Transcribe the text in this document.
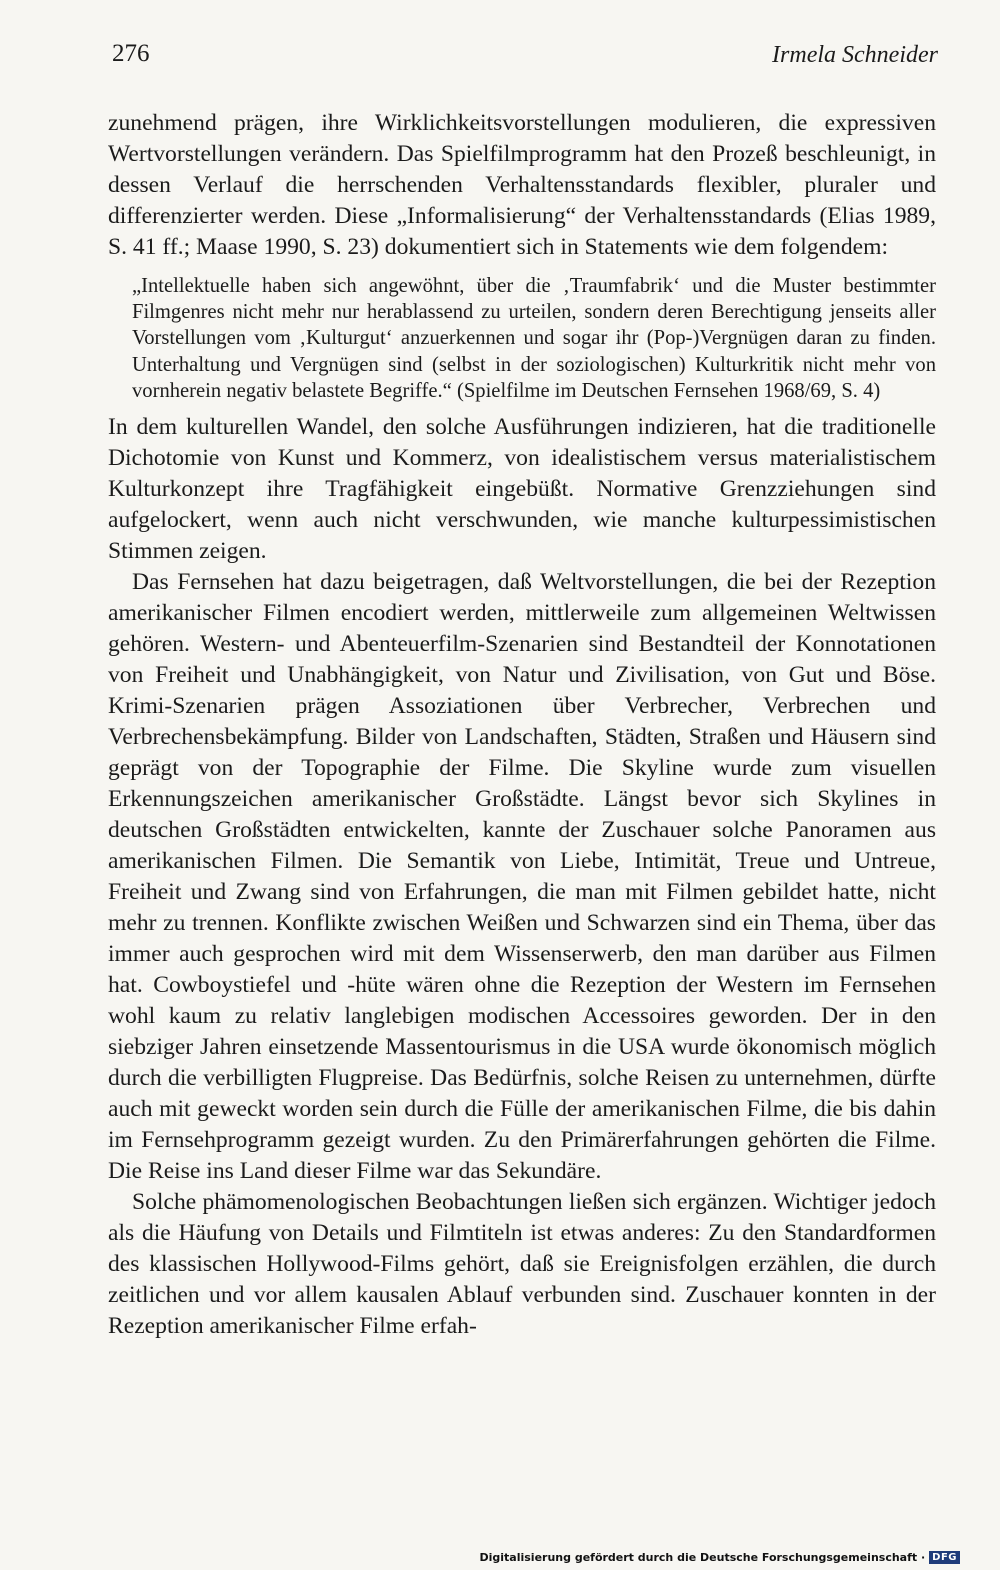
276	Irmela Schneider

zunehmend prägen, ihre Wirklichkeitsvorstellungen modulieren, die expressiven Wertvorstellungen verändern. Das Spielfilmprogramm hat den Prozeß beschleunigt, in dessen Verlauf die herrschenden Verhaltensstandards flexibler, pluraler und differenzierter werden. Diese „Informalisierung“ der Verhaltensstandards (Elias 1989, S. 41 ff.; Maase 1990, S. 23) dokumentiert sich in Statements wie dem folgendem:

„Intellektuelle haben sich angewöhnt, über die ‚Traumfabrik‘ und die Muster bestimmter Filmgenres nicht mehr nur herablassend zu urteilen, sondern deren Berechtigung jenseits aller Vorstellungen vom ‚Kulturgut‘ anzuerkennen und sogar ihr (Pop-)Vergnügen daran zu finden. Unterhaltung und Vergnügen sind (selbst in der soziologischen) Kulturkritik nicht mehr von vornherein negativ belastete Begriffe.“ (Spielfilme im Deutschen Fernsehen 1968/69, S. 4)

In dem kulturellen Wandel, den solche Ausführungen indizieren, hat die traditionelle Dichotomie von Kunst und Kommerz, von idealistischem versus materialistischem Kulturkonzept ihre Tragfähigkeit eingebüßt. Normative Grenzziehungen sind aufgelockert, wenn auch nicht verschwunden, wie manche kulturpessimistischen Stimmen zeigen.

Das Fernsehen hat dazu beigetragen, daß Weltvorstellungen, die bei der Rezeption amerikanischer Filmen encodiert werden, mittlerweile zum allgemeinen Weltwissen gehören. Western- und Abenteuerfilm-Szenarien sind Bestandteil der Konnotationen von Freiheit und Unabhängigkeit, von Natur und Zivilisation, von Gut und Böse. Krimi-Szenarien prägen Assoziationen über Verbrecher, Verbrechen und Verbrechensbekämpfung. Bilder von Landschaften, Städten, Straßen und Häusern sind geprägt von der Topographie der Filme. Die Skyline wurde zum visuellen Erkennungszeichen amerikanischer Großstädte. Längst bevor sich Skylines in deutschen Großstädten entwickelten, kannte der Zuschauer solche Panoramen aus amerikanischen Filmen. Die Semantik von Liebe, Intimität, Treue und Untreue, Freiheit und Zwang sind von Erfahrungen, die man mit Filmen gebildet hatte, nicht mehr zu trennen. Konflikte zwischen Weißen und Schwarzen sind ein Thema, über das immer auch gesprochen wird mit dem Wissenserwerb, den man darüber aus Filmen hat. Cowboystiefel und -hüte wären ohne die Rezeption der Western im Fernsehen wohl kaum zu relativ langlebigen modischen Accessoires geworden. Der in den siebziger Jahren einsetzende Massentourismus in die USA wurde ökonomisch möglich durch die verbilligten Flugpreise. Das Bedürfnis, solche Reisen zu unternehmen, dürfte auch mit geweckt worden sein durch die Fülle der amerikanischen Filme, die bis dahin im Fernsehprogramm gezeigt wurden. Zu den Primärerfahrungen gehörten die Filme. Die Reise ins Land dieser Filme war das Sekundäre.

Solche phämomenologischen Beobachtungen ließen sich ergänzen. Wichtiger jedoch als die Häufung von Details und Filmtiteln ist etwas anderes: Zu den Standardformen des klassischen Hollywood-Films gehört, daß sie Ereignisfolgen erzählen, die durch zeitlichen und vor allem kausalen Ablauf verbunden sind. Zuschauer konnten in der Rezeption amerikanischer Filme erfah-

Digitalisierung gefördert durch die Deutsche Forschungsgemeinschaft · DFG
